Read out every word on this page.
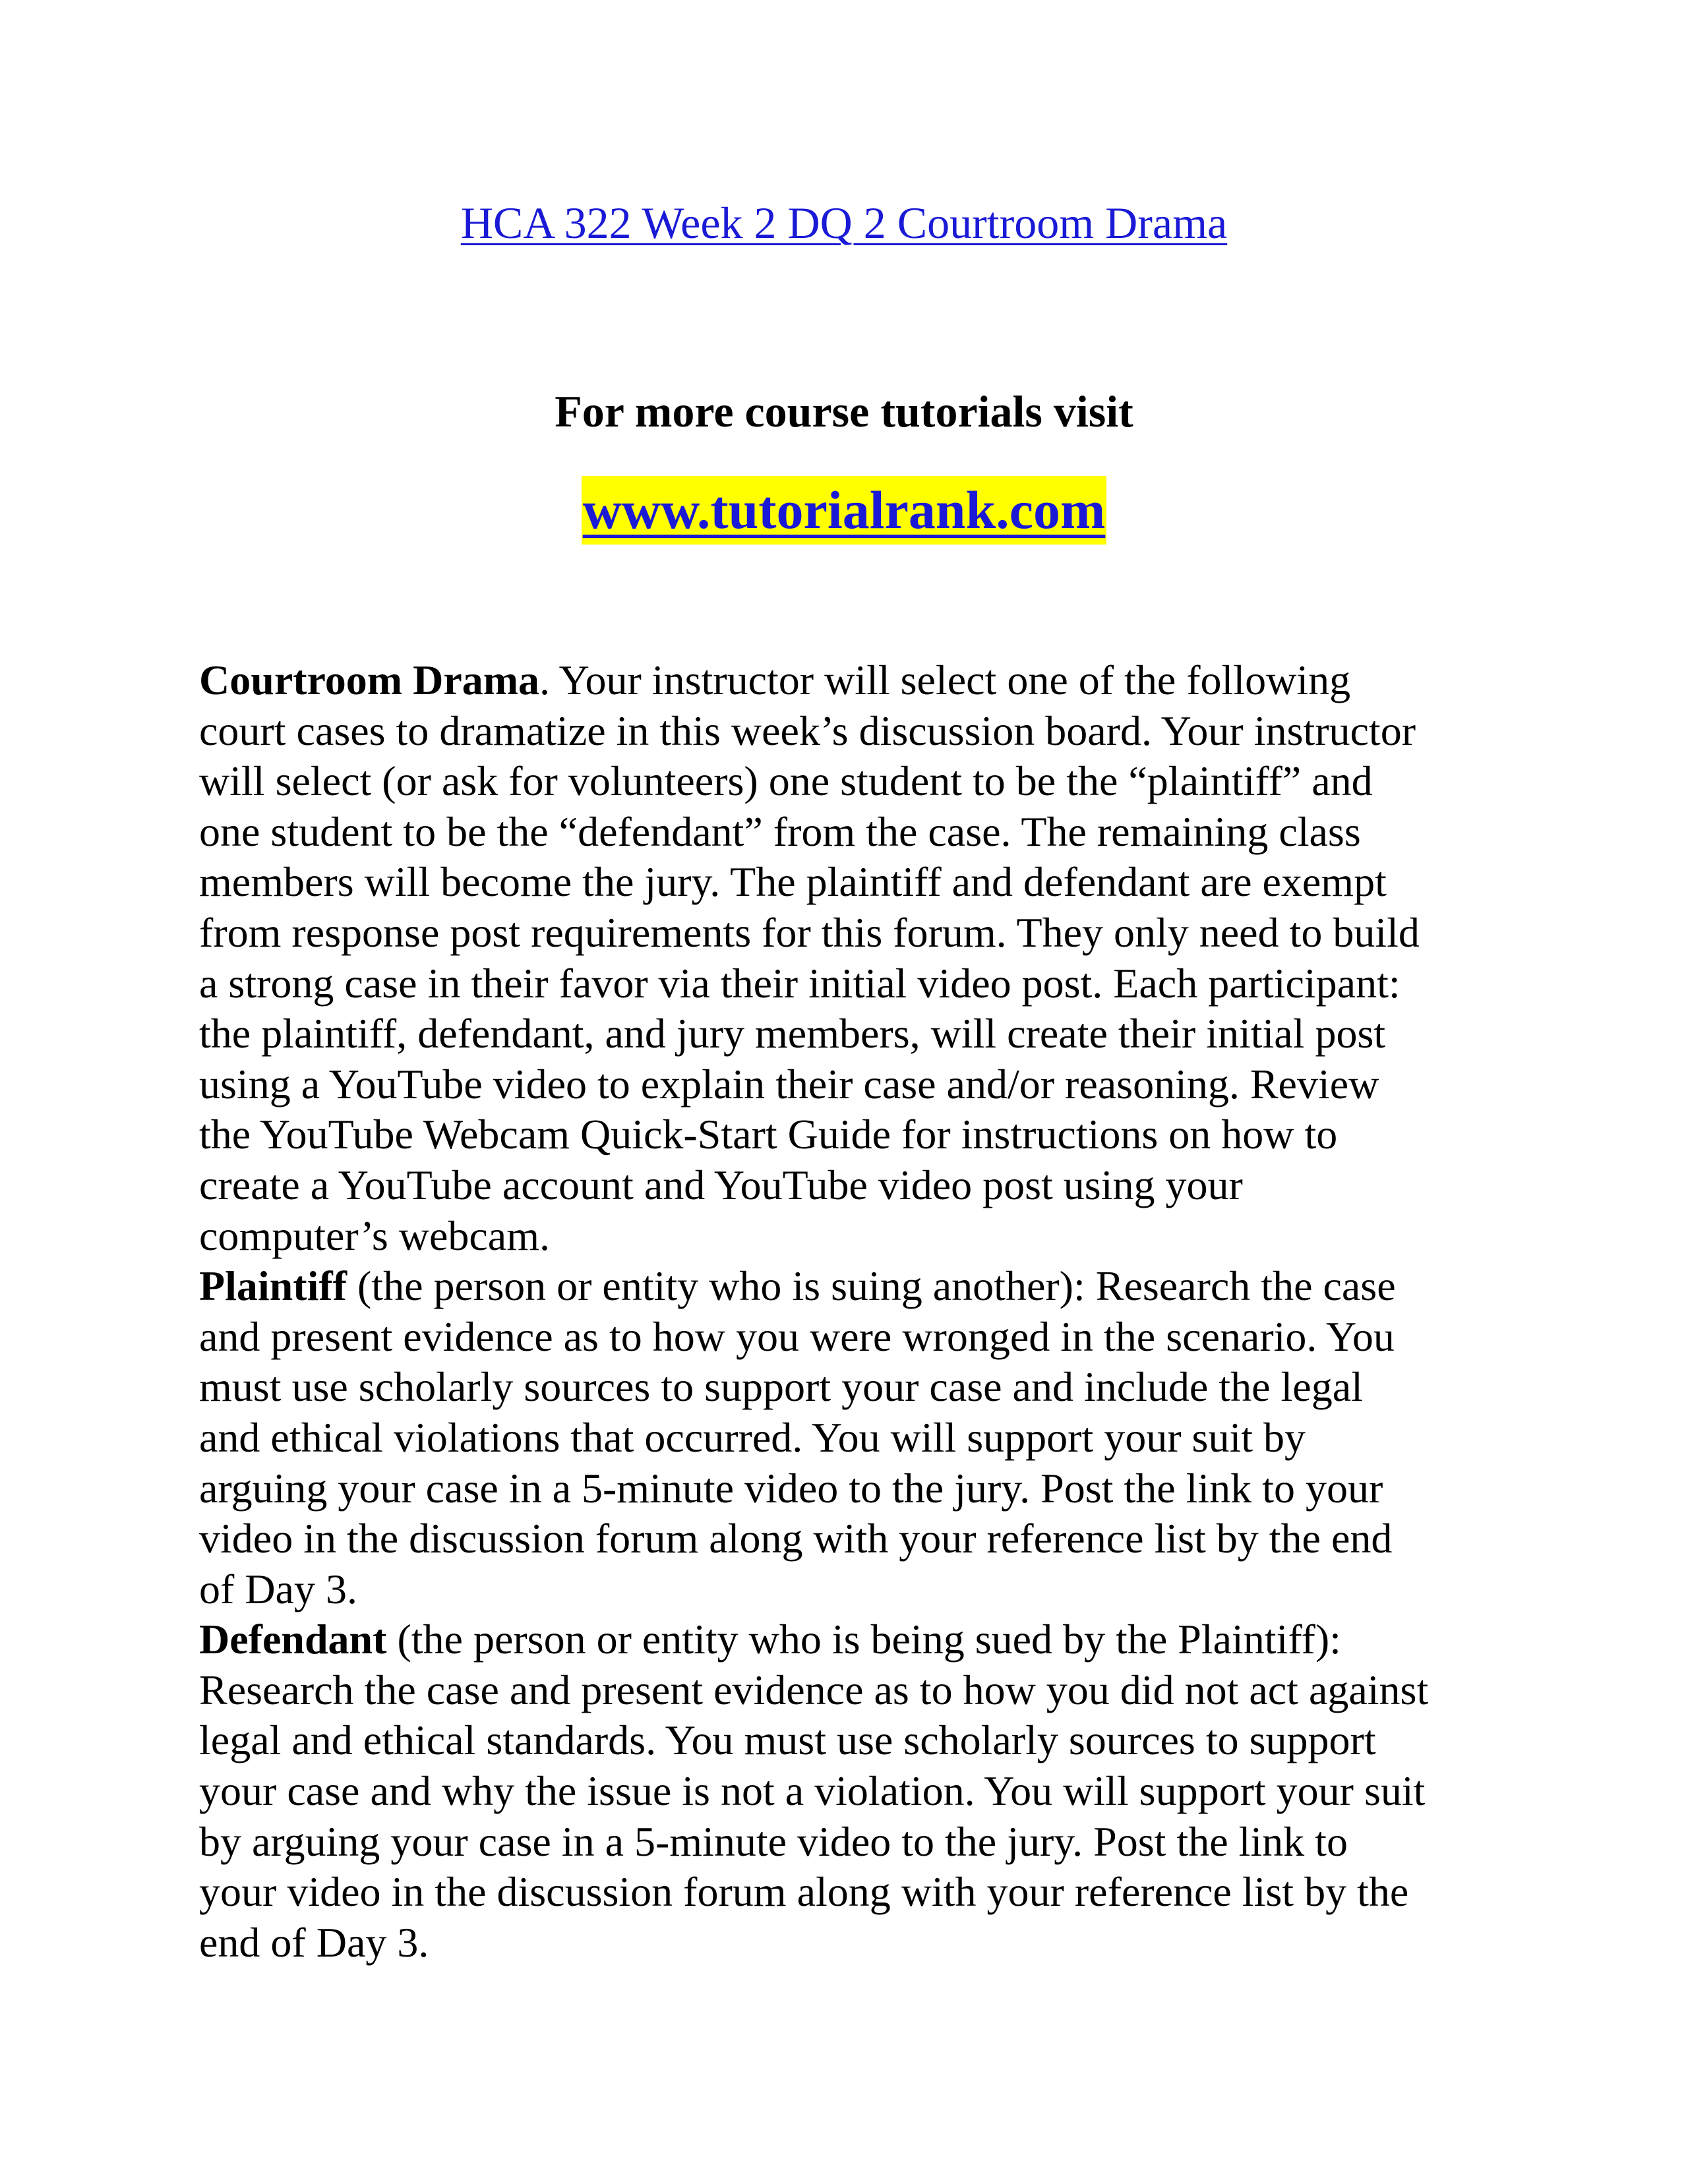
HCA 322 Week 2 DQ 2 Courtroom Drama
For more course tutorials visit
www.tutorialrank.com
Courtroom Drama. Your instructor will select one of the following
court cases to dramatize in this week’s discussion board. Your instructor
will select (or ask for volunteers) one student to be the “plaintiff” and
one student to be the “defendant” from the case. The remaining class
members will become the jury. The plaintiff and defendant are exempt
from response post requirements for this forum. They only need to build
a strong case in their favor via their initial video post. Each participant:
the plaintiff, defendant, and jury members, will create their initial post
using a YouTube video to explain their case and/or reasoning. Review
the YouTube Webcam Quick-Start Guide for instructions on how to
create a YouTube account and YouTube video post using your
computer’s webcam.
Plaintiff (the person or entity who is suing another): Research the case
and present evidence as to how you were wronged in the scenario. You
must use scholarly sources to support your case and include the legal
and ethical violations that occurred. You will support your suit by
arguing your case in a 5-minute video to the jury. Post the link to your
video in the discussion forum along with your reference list by the end
of Day 3.
Defendant (the person or entity who is being sued by the Plaintiff):
Research the case and present evidence as to how you did not act against
legal and ethical standards. You must use scholarly sources to support
your case and why the issue is not a violation. You will support your suit
by arguing your case in a 5-minute video to the jury. Post the link to
your video in the discussion forum along with your reference list by the
end of Day 3.
